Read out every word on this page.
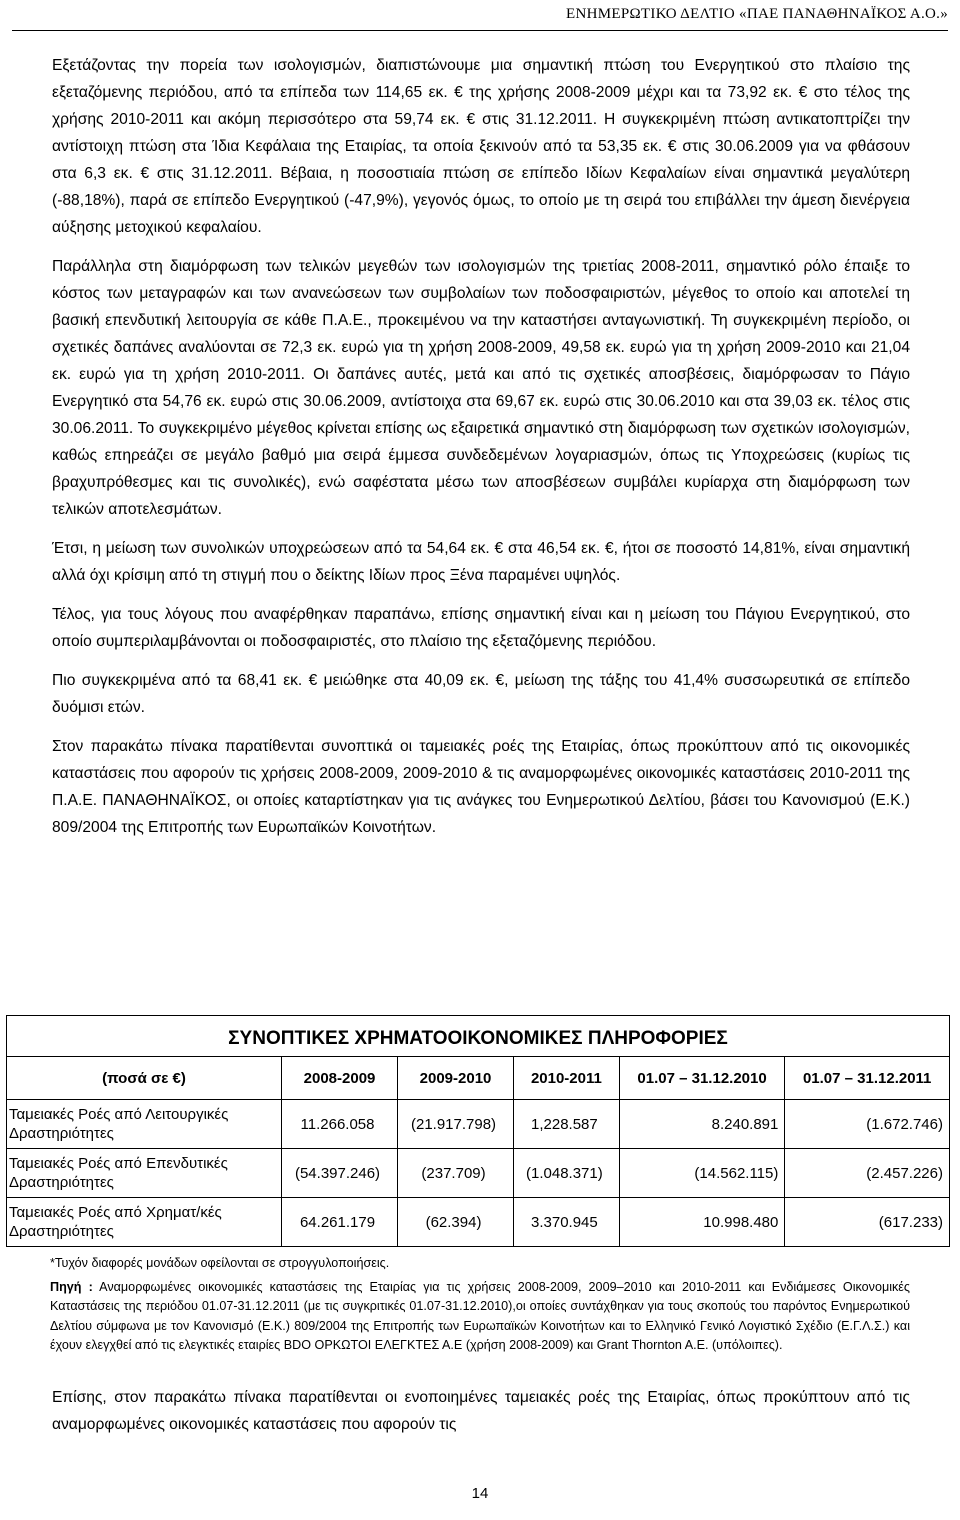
ΕΝΗΜΕΡΩΤΙΚΟ ΔΕΛΤΙΟ «ΠΑΕ ΠΑΝΑΘΗΝΑΪΚΟΣ Α.Ο.»

Εξετάζοντας την πορεία των ισολογισμών, διαπιστώνουμε μια σημαντική πτώση του Ενεργητικού στο πλαίσιο της εξεταζόμενης περιόδου, από τα επίπεδα των 114,65 εκ. € της χρήσης 2008-2009 μέχρι και τα 73,92 εκ. € στο τέλος της χρήσης 2010-2011 και ακόμη περισσότερο στα 59,74 εκ. € στις 31.12.2011. Η συγκεκριμένη πτώση αντικατοπτρίζει την αντίστοιχη πτώση στα Ίδια Κεφάλαια της Εταιρίας, τα οποία ξεκινούν από τα 53,35 εκ. € στις 30.06.2009 για να φθάσουν στα 6,3 εκ. € στις 31.12.2011. Βέβαια, η ποσοστιαία πτώση σε επίπεδο Ιδίων Κεφαλαίων είναι σημαντικά μεγαλύτερη (-88,18%), παρά σε επίπεδο Ενεργητικού (-47,9%), γεγονός όμως, το οποίο με τη σειρά του επιβάλλει την άμεση διενέργεια αύξησης μετοχικού κεφαλαίου.

Παράλληλα στη διαμόρφωση των τελικών μεγεθών των ισολογισμών της τριετίας 2008-2011, σημαντικό ρόλο έπαιξε το κόστος των μεταγραφών και των ανανεώσεων των συμβολαίων των ποδοσφαιριστών, μέγεθος το οποίο και αποτελεί τη βασική επενδυτική λειτουργία σε κάθε Π.Α.Ε., προκειμένου να την καταστήσει ανταγωνιστική. Τη συγκεκριμένη περίοδο, οι σχετικές δαπάνες αναλύονται σε 72,3 εκ. ευρώ για τη χρήση 2008-2009, 49,58 εκ. ευρώ για τη χρήση 2009-2010 και 21,04 εκ. ευρώ για τη χρήση 2010-2011. Οι δαπάνες αυτές, μετά και από τις σχετικές αποσβέσεις, διαμόρφωσαν το Πάγιο Ενεργητικό στα 54,76 εκ. ευρώ στις 30.06.2009, αντίστοιχα στα 69,67 εκ. ευρώ στις 30.06.2010 και στα 39,03 εκ. τέλος στις 30.06.2011. Το συγκεκριμένο μέγεθος κρίνεται επίσης ως εξαιρετικά σημαντικό στη διαμόρφωση των σχετικών ισολογισμών, καθώς επηρεάζει σε μεγάλο βαθμό μια σειρά έμμεσα συνδεδεμένων λογαριασμών, όπως τις Υποχρεώσεις (κυρίως τις βραχυπρόθεσμες και τις συνολικές), ενώ σαφέστατα μέσω των αποσβέσεων συμβάλει κυρίαρχα στη διαμόρφωση των τελικών αποτελεσμάτων.

Έτσι, η μείωση των συνολικών υποχρεώσεων από τα 54,64 εκ. € στα 46,54 εκ. €, ήτοι σε ποσοστό 14,81%, είναι σημαντική αλλά όχι κρίσιμη από τη στιγμή που ο δείκτης Ιδίων προς Ξένα παραμένει υψηλός.

Τέλος, για τους λόγους που αναφέρθηκαν παραπάνω, επίσης σημαντική είναι και η μείωση του Πάγιου Ενεργητικού, στο οποίο συμπεριλαμβάνονται οι ποδοσφαιριστές, στο πλαίσιο της εξεταζόμενης περιόδου.

Πιο συγκεκριμένα από τα 68,41 εκ. € μειώθηκε στα 40,09 εκ. €, μείωση της τάξης του 41,4% συσσωρευτικά σε επίπεδο δυόμισι ετών.

Στον παρακάτω πίνακα παρατίθενται συνοπτικά οι ταμειακές ροές της Εταιρίας, όπως προκύπτουν από τις οικονομικές καταστάσεις που αφορούν τις χρήσεις 2008-2009, 2009-2010 & τις αναμορφωμένες οικονομικές καταστάσεις 2010-2011 της Π.Α.Ε. ΠΑΝΑΘΗΝΑΪΚΟΣ, οι οποίες καταρτίστηκαν για τις ανάγκες του Ενημερωτικού Δελτίου, βάσει του Κανονισμού (Ε.Κ.) 809/2004 της Επιτροπής των Ευρωπαϊκών Κοινοτήτων.

ΣΥΝΟΠΤΙΚΕΣ ΧΡΗΜΑΤΟΟΙΚΟΝΟΜΙΚΕΣ ΠΛΗΡΟΦΟΡΙΕΣ					
(ποσά σε €)	2008-2009	2009-2010	2010-2011	01.07 – 31.12.2010	01.07 – 31.12.2011
Ταμειακές Ροές από Λειτουργικές Δραστηριότητες	11.266.058	(21.917.798)	1,228.587	8.240.891	(1.672.746)
Ταμειακές Ροές από Επενδυτικές Δραστηριότητες	(54.397.246)	(237.709)	(1.048.371)	(14.562.115)	(2.457.226)
Ταμειακές Ροές από Χρηματ/κές Δραστηριότητες	64.261.179	(62.394)	3.370.945	10.998.480	(617.233)

*Τυχόν διαφορές μονάδων οφείλονται σε στρογγυλοποιήσεις.

Πηγή : Αναμορφωμένες οικονομικές καταστάσεις της Εταιρίας για τις χρήσεις 2008-2009, 2009–2010 και 2010-2011 και Ενδιάμεσες Οικονομικές Καταστάσεις της περιόδου 01.07-31.12.2011 (με τις συγκριτικές 01.07-31.12.2010),οι οποίες συντάχθηκαν για τους σκοπούς του παρόντος Ενημερωτικού Δελτίου σύμφωνα με τον Κανονισμό (Ε.Κ.) 809/2004 της Επιτροπής των Ευρωπαϊκών Κοινοτήτων και το Ελληνικό Γενικό Λογιστικό Σχέδιο (Ε.Γ.Λ.Σ.) και έχουν ελεγχθεί από τις ελεγκτικές εταιρίες BDO ΟΡΚΩΤΟΙ ΕΛΕΓΚΤΕΣ Α.Ε (χρήση 2008-2009) και Grant Thornton A.E. (υπόλοιπες).

Επίσης, στον παρακάτω πίνακα παρατίθενται οι ενοποιημένες ταμειακές ροές της Εταιρίας, όπως προκύπτουν από τις αναμορφωμένες οικονομικές καταστάσεις που αφορούν τις

14
